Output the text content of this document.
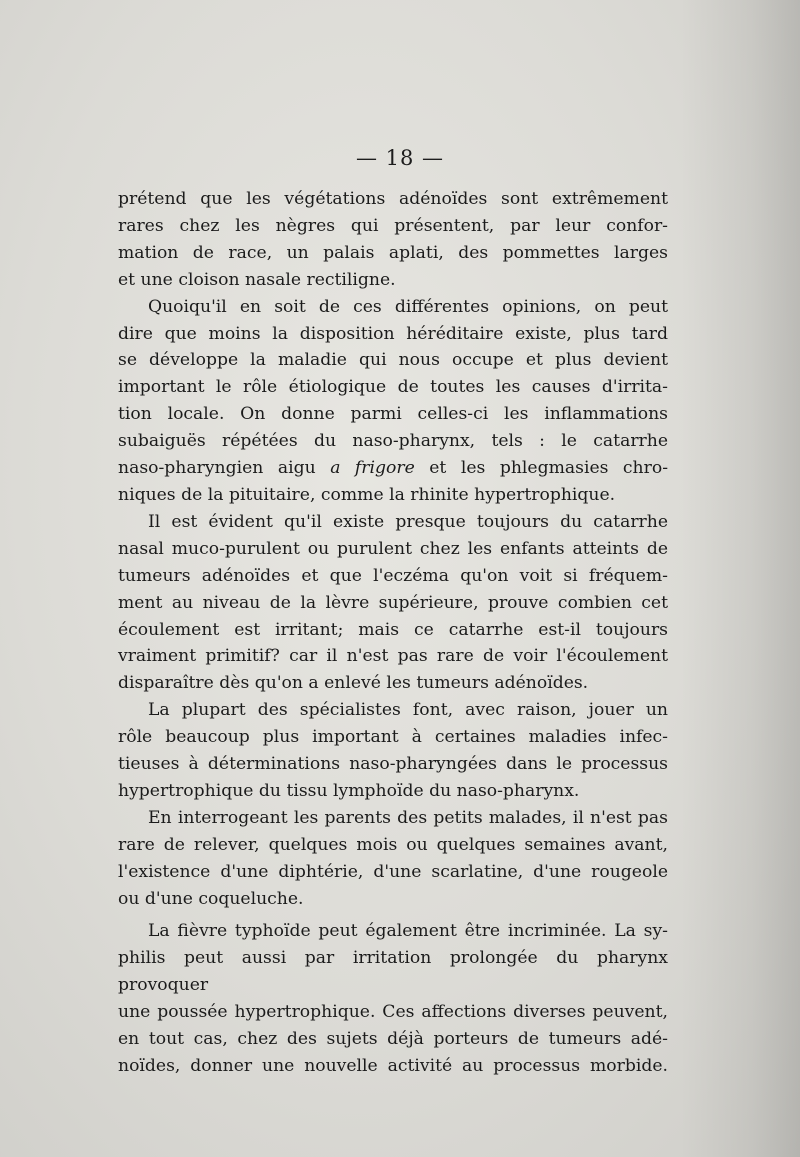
— 18 —

prétend que les végétations adénoïdes sont extrêmement
rares chez les nègres qui présentent, par leur confor-
mation de race, un palais aplati, des pommettes larges
et une cloison nasale rectiligne.

Quoiqu'il en soit de ces différentes opinions, on peut
dire que moins la disposition héréditaire existe, plus tard
se développe la maladie qui nous occupe et plus devient
important le rôle étiologique de toutes les causes d'irrita-
tion locale. On donne parmi celles-ci les inflammations
subaiguës répétées du naso-pharynx, tels : le catarrhe
naso-pharyngien aigu a frigore et les phlegmasies chro-
niques de la pituitaire, comme la rhinite hypertrophique.

Il est évident qu'il existe presque toujours du catarrhe
nasal muco-purulent ou purulent chez les enfants atteints de
tumeurs adénoïdes et que l'eczéma qu'on voit si fréquem-
ment au niveau de la lèvre supérieure, prouve combien cet
écoulement est irritant; mais ce catarrhe est-il toujours
vraiment primitif? car il n'est pas rare de voir l'écoulement
disparaître dès qu'on a enlevé les tumeurs adénoïdes.

La plupart des spécialistes font, avec raison, jouer un
rôle beaucoup plus important à certaines maladies infec-
tieuses à déterminations naso-pharyngées dans le processus
hypertrophique du tissu lymphoïde du naso-pharynx.

En interrogeant les parents des petits malades, il n'est pas
rare de relever, quelques mois ou quelques semaines avant,
l'existence d'une diphtérie, d'une scarlatine, d'une rougeole
ou d'une coqueluche.

La fièvre typhoïde peut également être incriminée. La sy-
philis peut aussi par irritation prolongée du pharynx provoquer
une poussée hypertrophique. Ces affections diverses peuvent,
en tout cas, chez des sujets déjà porteurs de tumeurs adé-
noïdes, donner une nouvelle activité au processus morbide.
